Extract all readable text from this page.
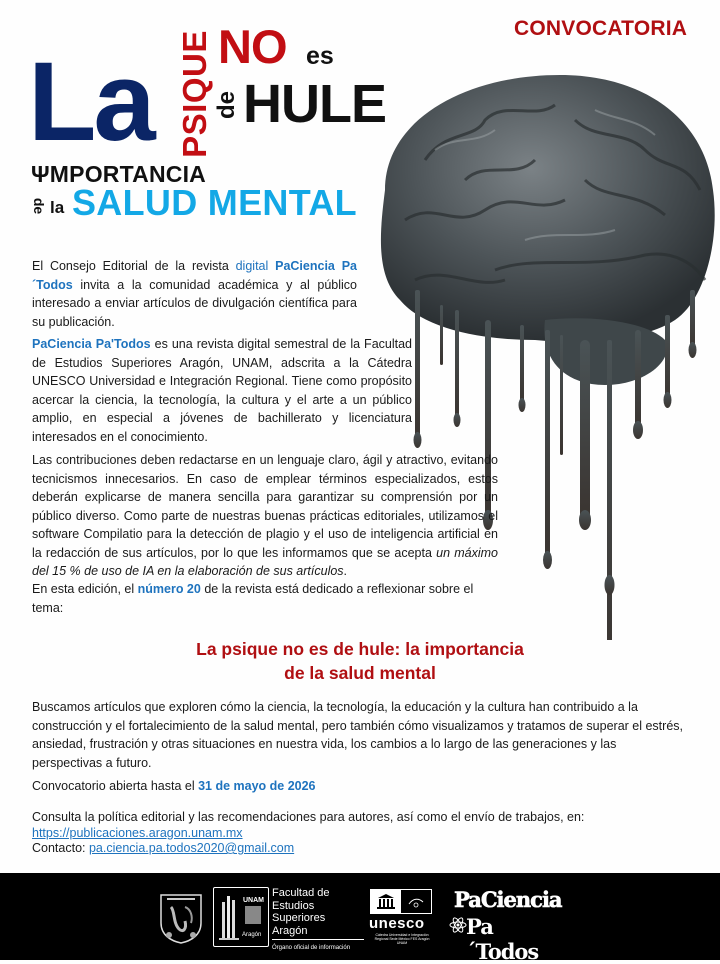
CONVOCATORIA
La PSIQUE NO es
de HULE
ΨMPORTANCIA
de la SALUD MENTAL
El Consejo Editorial de la revista digital PaCiencia Pa´Todos invita a la comunidad académica y al público interesado a enviar artículos de divulgación científica para su publicación.
PaCiencia Pa'Todos es una revista digital semestral de la Facultad de Estudios Superiores Aragón, UNAM, adscrita a la Cátedra UNESCO Universidad e Integración Regional. Tiene como propósito acercar la ciencia, la tecnología, la cultura y el arte a un público amplio, en especial a jóvenes de bachillerato y licenciatura interesados en el conocimiento.
Las contribuciones deben redactarse en un lenguaje claro, ágil y atractivo, evitando tecnicismos innecesarios. En caso de emplear términos especializados, estos deberán explicarse de manera sencilla para garantizar su comprensión por un público diverso. Como parte de nuestras buenas prácticas editoriales, utilizamos el software Compilatio para la detección de plagio y el uso de inteligencia artificial en la redacción de sus artículos, por lo que les informamos que se acepta un máximo del 15 % de uso de IA en la elaboración de sus artículos.
En esta edición, el número 20 de la revista está dedicado a reflexionar sobre el tema:
La psique no es de hule: la importancia
de la salud mental
Buscamos artículos que exploren cómo la ciencia, la tecnología, la educación y la cultura han contribuido a la construcción y el fortalecimiento de la salud mental, pero también cómo visualizamos y tratamos de superar el estrés, ansiedad, frustración y otras situaciones en nuestra vida, los cambios a lo largo de las generaciones y las perspectivas a futuro.
Convocatorio abierta hasta el 31 de mayo de 2026
Consulta la política editorial y las recomendaciones para autores, así como el envío de trabajos, en:
https://publicaciones.aragon.unam.mx
Contacto: pa.ciencia.pa.todos2020@gmail.com
UNAM
Aragón
Facultad de
Estudios
Superiores
Aragón
Órgano oficial de información
unesco
Cátedra Universidad e Integración Regional Sede México FES Aragón UNAM
PaCiencia
Pa´Todos
